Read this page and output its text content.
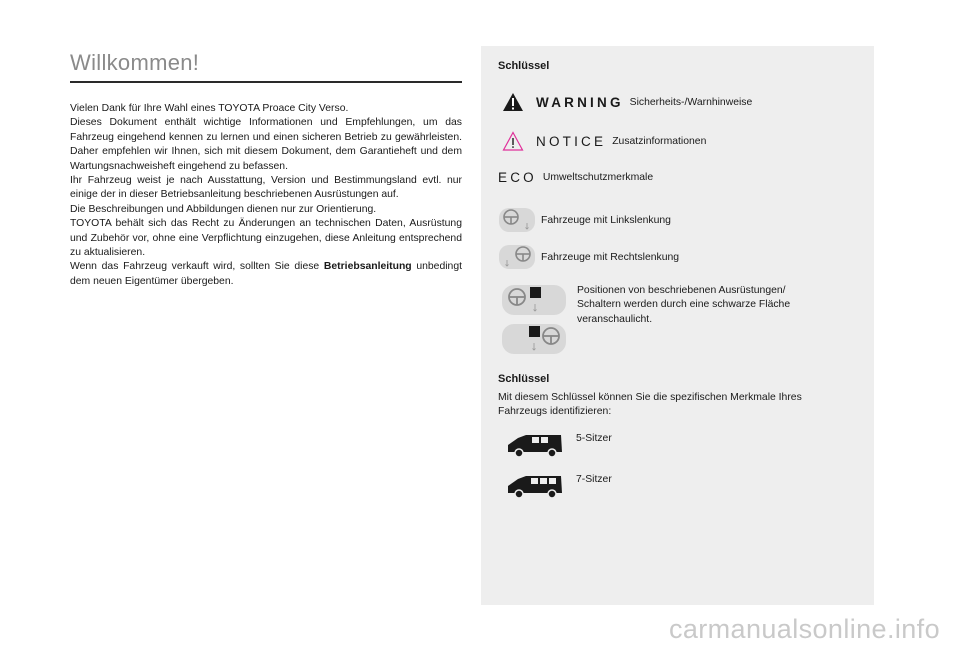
Willkommen!

Vielen Dank für Ihre Wahl eines TOYOTA Proace City Verso.

Dieses Dokument enthält wichtige Informationen und Empfehlungen, um das Fahrzeug eingehend kennen zu lernen und einen sicheren Betrieb zu gewährleisten. Daher empfehlen wir Ihnen, sich mit diesem Dokument, dem Garantieheft und dem Wartungsnachweisheft eingehend zu befassen.

Ihr Fahrzeug weist je nach Ausstattung, Version und Bestimmungsland evtl. nur einige der in dieser Betriebsanleitung beschriebenen Ausrüstungen auf.

Die Beschreibungen und Abbildungen dienen nur zur Orientierung.

TOYOTA behält sich das Recht zu Änderungen an technischen Daten, Ausrüstung und Zubehör vor, ohne eine Verpflichtung einzugehen, diese Anleitung entsprechend zu aktualisieren.

Wenn das Fahrzeug verkauft wird, sollten Sie diese Betriebsanleitung unbedingt dem neuen Eigentümer übergeben.

Schlüssel
WARNING Sicherheits-/Warnhinweise
NOTICE Zusatzinformationen
ECO Umweltschutzmerkmale
Fahrzeuge mit Linkslenkung
Fahrzeuge mit Rechtslenkung
Positionen von beschriebenen Ausrüstungen/ Schaltern werden durch eine schwarze Fläche veranschaulicht.
Schlüssel
Mit diesem Schlüssel können Sie die spezifischen Merkmale Ihres Fahrzeugs identifizieren:
5-Sitzer
7-Sitzer
carmanualsonline.info
